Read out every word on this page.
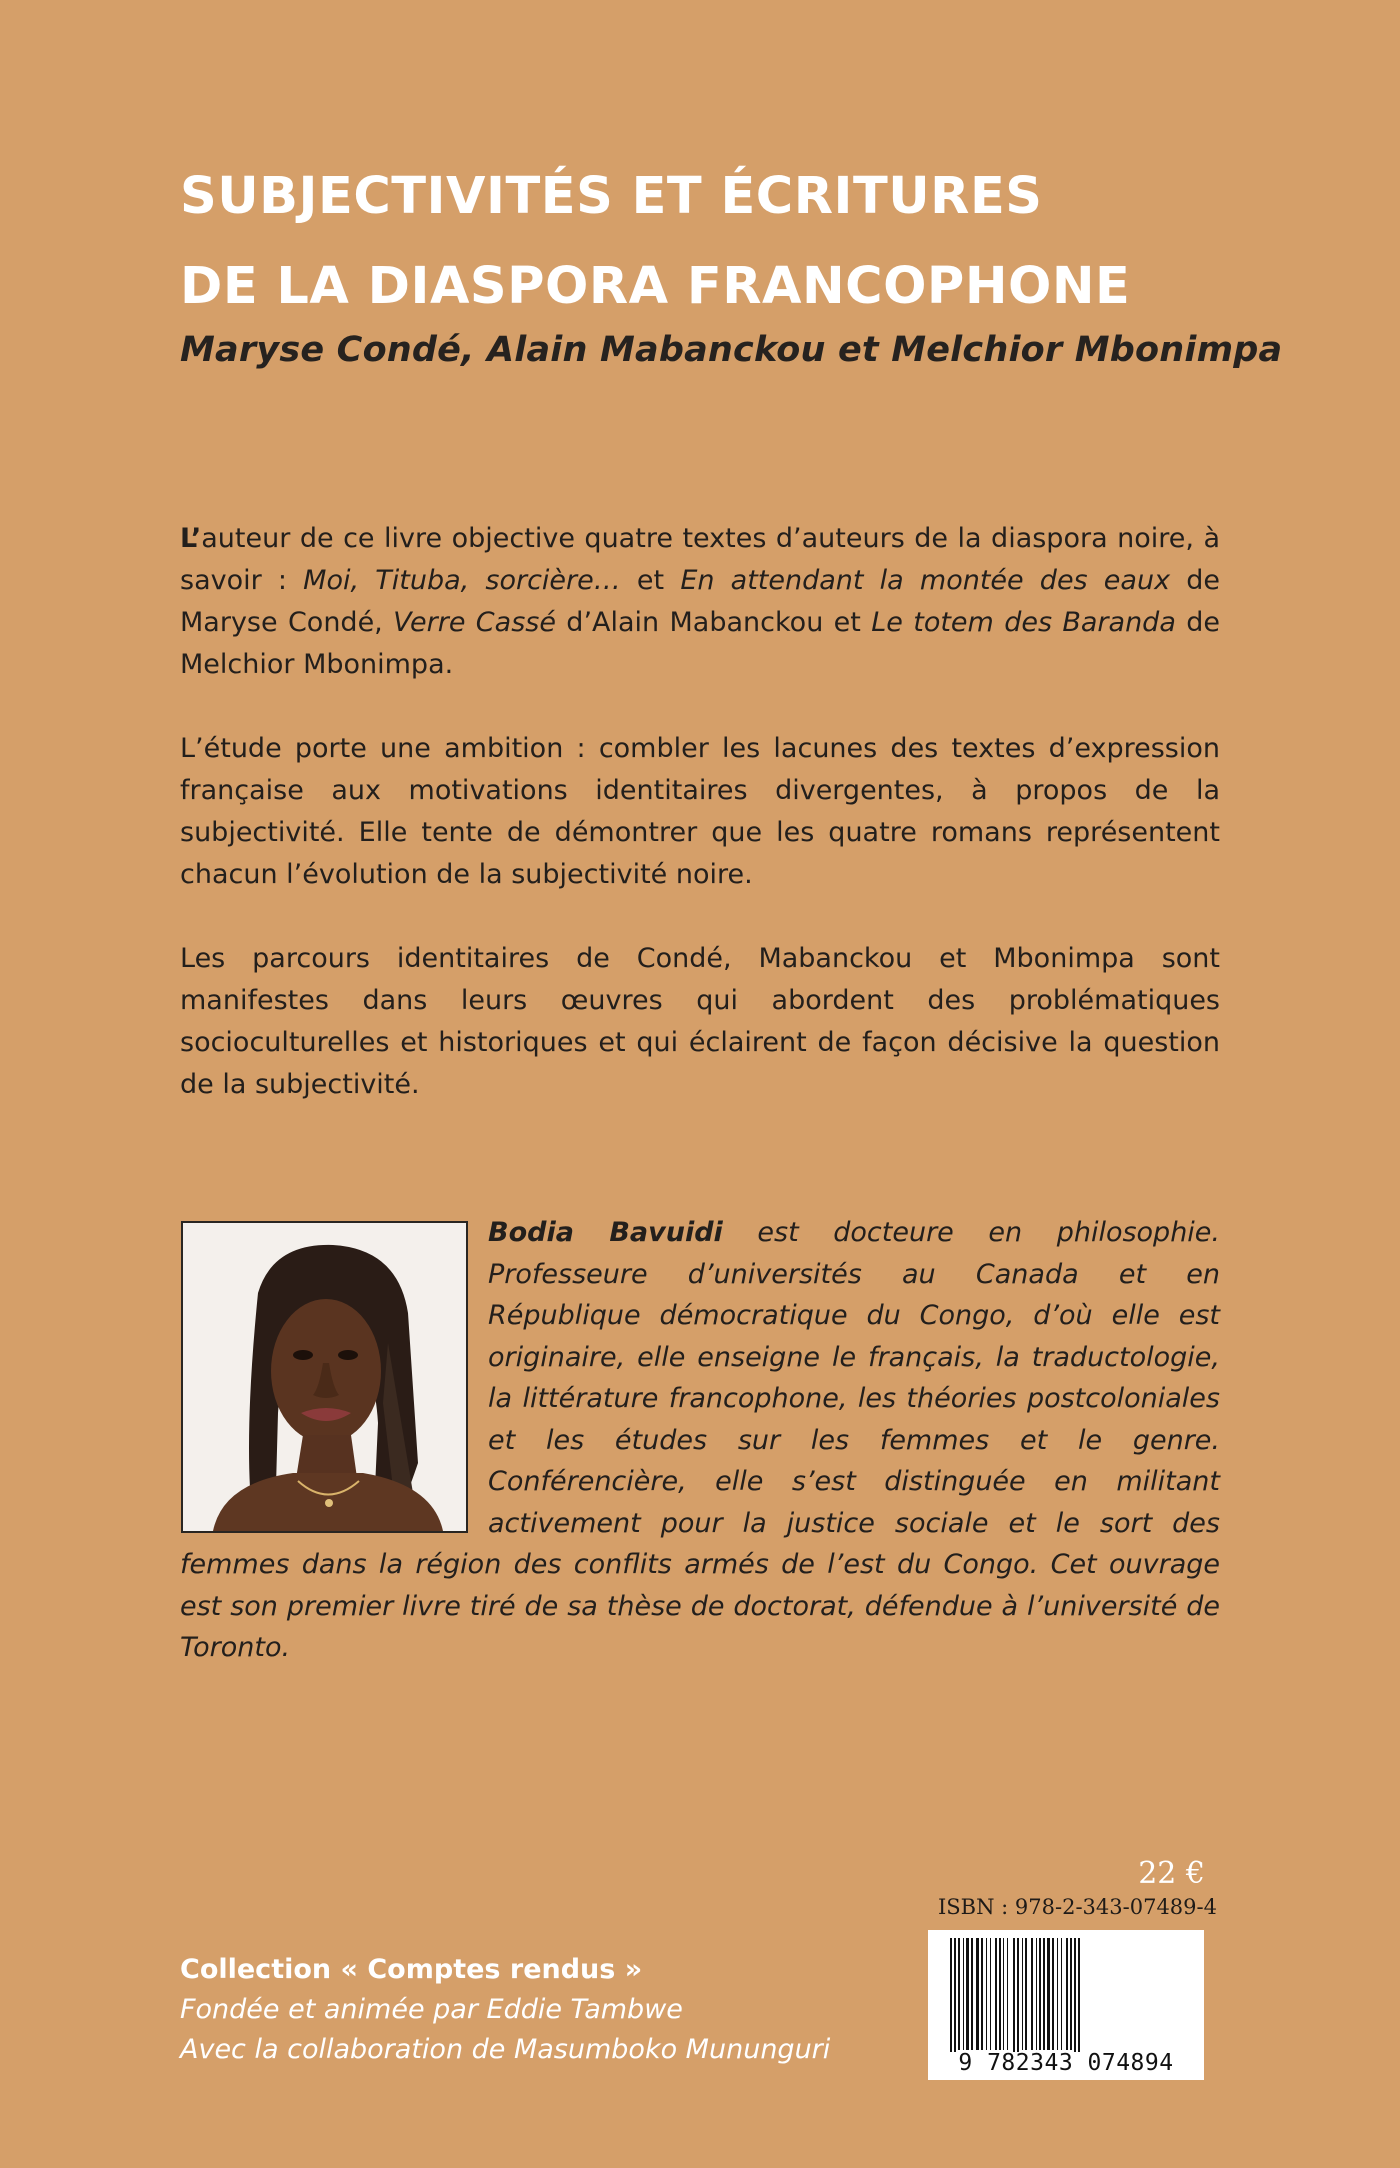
SUBJECTIVITÉS ET ÉCRITURES
DE LA DIASPORA FRANCOPHONE
Maryse Condé, Alain Mabanckou et Melchior Mbonimpa

L’auteur de ce livre objective quatre textes d’auteurs de la diaspora noire, à savoir : Moi, Tituba, sorcière… et En attendant la montée des eaux de Maryse Condé, Verre Cassé d’Alain Mabanckou et Le totem des Baranda de Melchior Mbonimpa.

L’étude porte une ambition : combler les lacunes des textes d’expression française aux motivations identitaires divergentes, à propos de la subjectivité. Elle tente de démontrer que les quatre romans représentent chacun l’évolution de la subjectivité noire.

Les parcours identitaires de Condé, Mabanckou et Mbonimpa sont manifestes dans leurs œuvres qui abordent des problématiques socioculturelles et historiques et qui éclairent de façon décisive la question de la subjectivité.

Bodia Bavuidi est docteure en philosophie. Professeure d’universités au Canada et en République démocratique du Congo, d’où elle est originaire, elle enseigne le français, la traductologie, la littérature francophone, les théories postcoloniales et les études sur les femmes et le genre. Conférencière, elle s’est distinguée en militant activement pour la justice sociale et le sort des femmes dans la région des conflits armés de l’est du Congo. Cet ouvrage est son premier livre tiré de sa thèse de doctorat, défendue à l’université de Toronto.

22 €
ISBN : 978-2-343-07489-4
9 782343 074894
Collection « Comptes rendus »
Fondée et animée par Eddie Tambwe
Avec la collaboration de Masumboko Mununguri
